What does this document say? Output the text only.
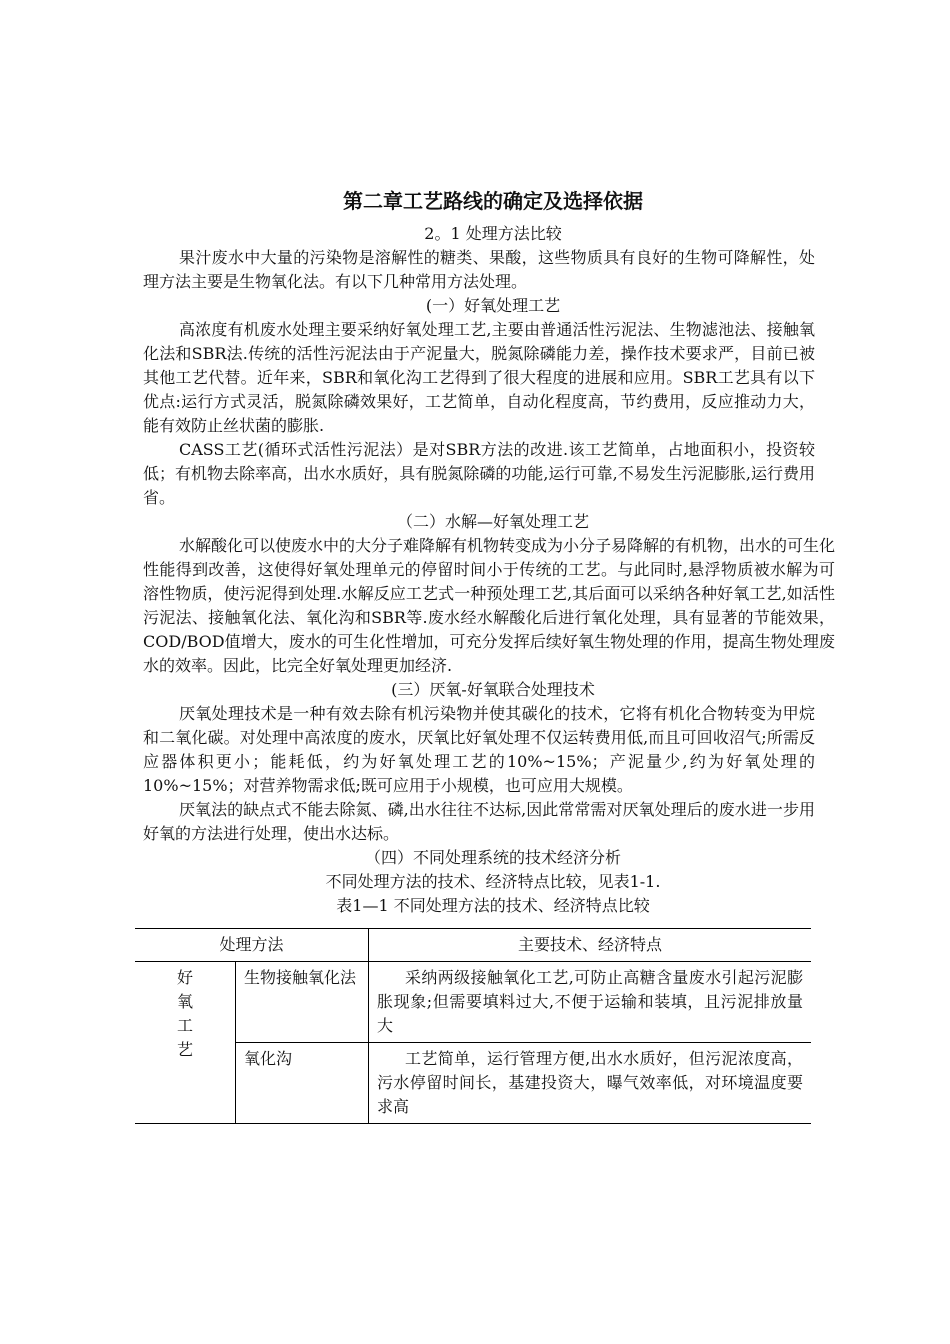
第二章工艺路线的确定及选择依据
2。1 处理方法比较

果汁废水中大量的污染物是溶解性的糖类、果酸，这些物质具有良好的生物可降解性，处理方法主要是生物氧化法。有以下几种常用方法处理。

(一）好氧处理工艺

高浓度有机废水处理主要采纳好氧处理工艺,主要由普通活性污泥法、生物滤池法、接触氧化法和SBR法.传统的活性污泥法由于产泥量大，脱氮除磷能力差，操作技术要求严，目前已被其他工艺代替。近年来，SBR和氧化沟工艺得到了很大程度的进展和应用。SBR工艺具有以下优点:运行方式灵活，脱氮除磷效果好，工艺简单，自动化程度高，节约费用，反应推动力大，能有效防止丝状菌的膨胀.

CASS工艺(循环式活性污泥法）是对SBR方法的改进.该工艺简单，占地面积小，投资较低；有机物去除率高，出水水质好，具有脱氮除磷的功能,运行可靠,不易发生污泥膨胀,运行费用省。

（二）水解—好氧处理工艺

水解酸化可以使废水中的大分子难降解有机物转变成为小分子易降解的有机物，出水的可生化性能得到改善，这使得好氧处理单元的停留时间小于传统的工艺。与此同时,悬浮物质被水解为可溶性物质，使污泥得到处理.水解反应工艺式一种预处理工艺,其后面可以采纳各种好氧工艺,如活性污泥法、接触氧化法、氧化沟和SBR等.废水经水解酸化后进行氧化处理，具有显著的节能效果，COD/BOD值增大，废水的可生化性增加，可充分发挥后续好氧生物处理的作用，提高生物处理废水的效率。因此，比完全好氧处理更加经济.

(三）厌氧-好氧联合处理技术

厌氧处理技术是一种有效去除有机污染物并使其碳化的技术，它将有机化合物转变为甲烷和二氧化碳。对处理中高浓度的废水，厌氧比好氧处理不仅运转费用低,而且可回收沼气;所需反应器体积更小；能耗低，约为好氧处理工艺的10%~15%；产泥量少,约为好氧处理的10%~15%；对营养物需求低;既可应用于小规模，也可应用大规模。

厌氧法的缺点式不能去除氮、磷,出水往往不达标,因此常常需对厌氧处理后的废水进一步用好氧的方法进行处理，使出水达标。

（四）不同处理系统的技术经济分析
不同处理方法的技术、经济特点比较，见表1-1.
表1—1 不同处理方法的技术、经济特点比较
处理方法		主要技术、经济特点

好
氧
工
艺	生物接触氧化法	采纳两级接触氧化工艺,可防止高糖含量废水引起污泥膨胀现象;但需要填料过大,不便于运输和装填，且污泥排放量大
	氧化沟	工艺简单，运行管理方便,出水水质好，但污泥浓度高，污水停留时间长，基建投资大，曝气效率低，对环境温度要求高
